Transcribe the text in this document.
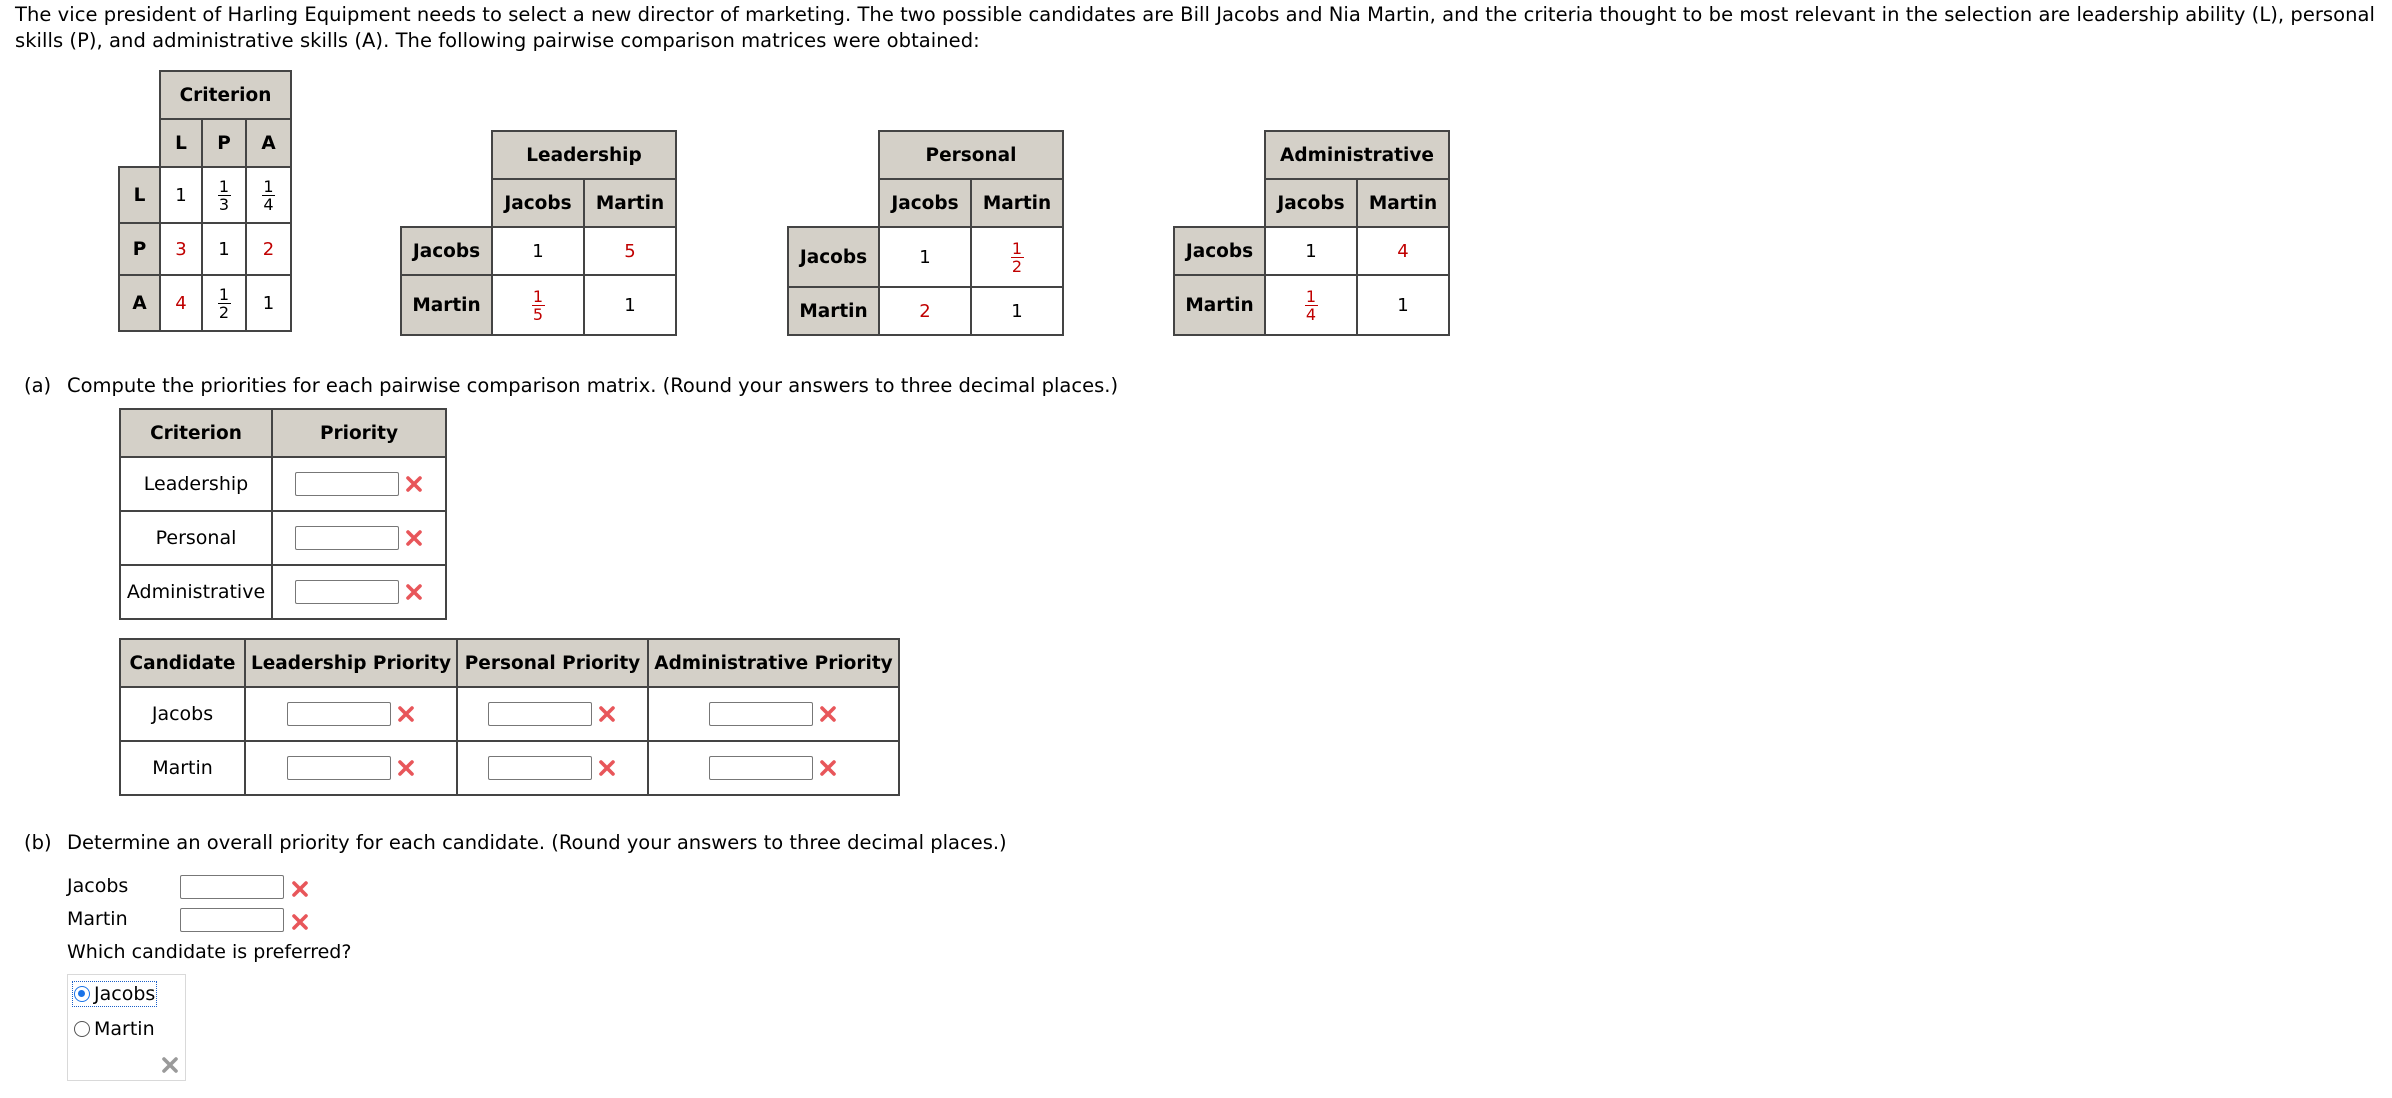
The vice president of Harling Equipment needs to select a new director of marketing. The two possible candidates are Bill Jacobs and Nia Martin, and the criteria thought to be most relevant in the selection are leadership ability (L), personal skills (P), and administrative skills (A). The following pairwise comparison matrices were obtained:
	Criterion		
	L	P	A
L	1	$\frac{1}{3}$	$\frac{1}{4}$

P	3	1	2
A	4	$\frac{1}{2}$	1
	Leadership	
	Jacobs	Martin
Jacobs	1	5
Martin	$\frac{1}{5}$	1
	Personal	
	Jacobs	Martin
Jacobs	1	$\frac{1}{2}$

Martin	2	1
	Administrative	
	Jacobs	Martin
Jacobs	1	4
Martin	$\frac{1}{4}$	1
(a) Compute the priorities for each pairwise comparison matrix. (Round your answers to three decimal places.)
Criterion	Priority
Leadership	

Personal	

Administrative	
Candidate	Leadership Priority	Personal Priority	Administrative Priority
Jacobs	

Martin	

(b) Determine an overall priority for each candidate. (Round your answers to three decimal places.)
Jacobs
Martin
Which candidate is preferred?
Jacobs
Martin
